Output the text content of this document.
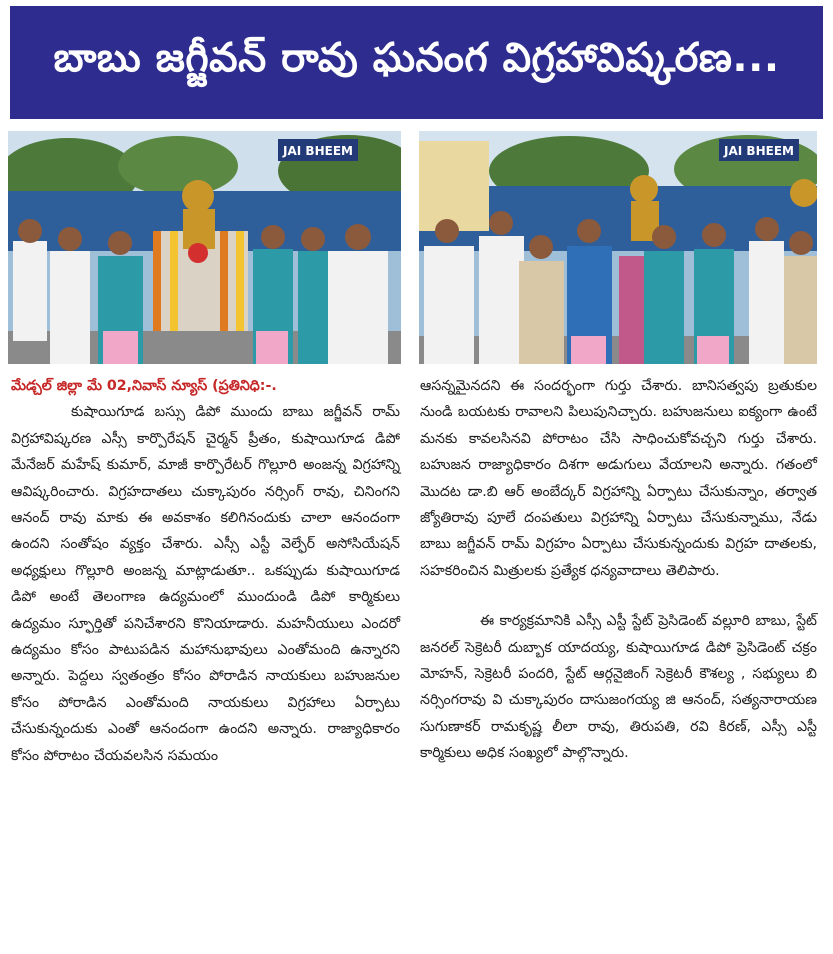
బాబు జగ్జీవన్ రావు ఘనంగ విగ్రహావిష్కరణ...
JAI BHEEM	JAI BHEEM

మేడ్చల్ జిల్లా మే 02,నివాస్ న్యూస్ (ప్రతినిధి:-.

కుషాయిగూడ బస్సు డిపో ముందు బాబు జగ్జీవన్ రామ్ విగ్రహావిష్కరణ ఎస్సీ కార్పొరేషన్ చైర్మన్ ప్రీతం, కుషాయిగూడ డిపో మేనేజర్ మహేష్ కుమార్, మాజీ కార్పొరేటర్ గొల్లూరి అంజన్న విగ్రహాన్ని ఆవిష్కరించారు. విగ్రహదాతలు చుక్కాపురం నర్సింగ్ రావు, చినింగని ఆనంద్ రావు మాకు ఈ అవకాశం కలిగినందుకు చాలా ఆనందంగా ఉందని సంతోషం వ్యక్తం చేశారు. ఎస్సీ ఎస్టీ వెల్ఫేర్ అసోసియేషన్ అధ్యక్షులు గొల్లూరి అంజన్న మాట్లాడుతూ.. ఒకప్పుడు కుషాయిగూడ డిపో అంటే తెలంగాణ ఉద్యమంలో ముందుండి డిపో కార్మికులు ఉద్యమం స్ఫూర్తితో పనిచేశారని కొనియాడారు. మహనీయులు ఎందరో ఉద్యమం కోసం పాటుపడిన మహానుభావులు ఎంతోమంది ఉన్నారని అన్నారు. పెద్దలు స్వతంత్రం కోసం పోరాడిన నాయకులు బహుజనుల కోసం పోరాడిన ఎంతోమంది నాయకులు విగ్రహాలు ఏర్పాటు చేసుకున్నందుకు ఎంతో ఆనందంగా ఉందని అన్నారు. రాజ్యాధికారం కోసం పోరాటం చేయవలసిన సమయం

ఆసన్నమైనదని ఈ సందర్భంగా గుర్తు చేశారు. బానిసత్వపు బ్రతుకుల నుండి బయటకు రావాలని పిలుపునిచ్చారు. బహుజనులు ఐక్యంగా ఉంటే మనకు కావలసినవి పోరాటం చేసి సాధించుకోవచ్చని గుర్తు చేశారు. బహుజన రాజ్యాధికారం దిశగా అడుగులు వేయాలని అన్నారు. గతంలో మొదట డా.బి ఆర్ అంబేద్కర్ విగ్రహాన్ని ఏర్పాటు చేసుకున్నాం, తర్వాత జ్యోతిరావు పూలే దంపతులు విగ్రహాన్ని ఏర్పాటు చేసుకున్నాము, నేడు బాబు జగ్జీవన్ రామ్ విగ్రహం ఏర్పాటు చేసుకున్నందుకు విగ్రహ దాతలకు, సహకరించిన మిత్రులకు ప్రత్యేక ధన్యవాదాలు తెలిపారు.

ఈ కార్యక్రమానికి ఎస్సీ ఎస్టీ స్టేట్ ప్రెసిడెంట్ వల్లూరి బాబు, స్టేట్ జనరల్ సెక్రెటరీ దుబ్బాక యాదయ్య, కుషాయిగూడ డిపో ప్రెసిడెంట్ చక్రం మోహన్, సెక్రెటరీ పందరి, స్టేట్ ఆర్గనైజింగ్ సెక్రెటరీ కౌశల్య , సభ్యులు బి నర్సింగరావు వి చుక్కాపురం దాసుజంగయ్య జి ఆనంద్, సత్యనారాయణ సుగుణాకర్ రామకృష్ణ లీలా రావు, తిరుపతి, రవి కిరణ్, ఎస్సీ ఎస్టీ కార్మికులు అధిక సంఖ్యలో పాల్గొన్నారు.
